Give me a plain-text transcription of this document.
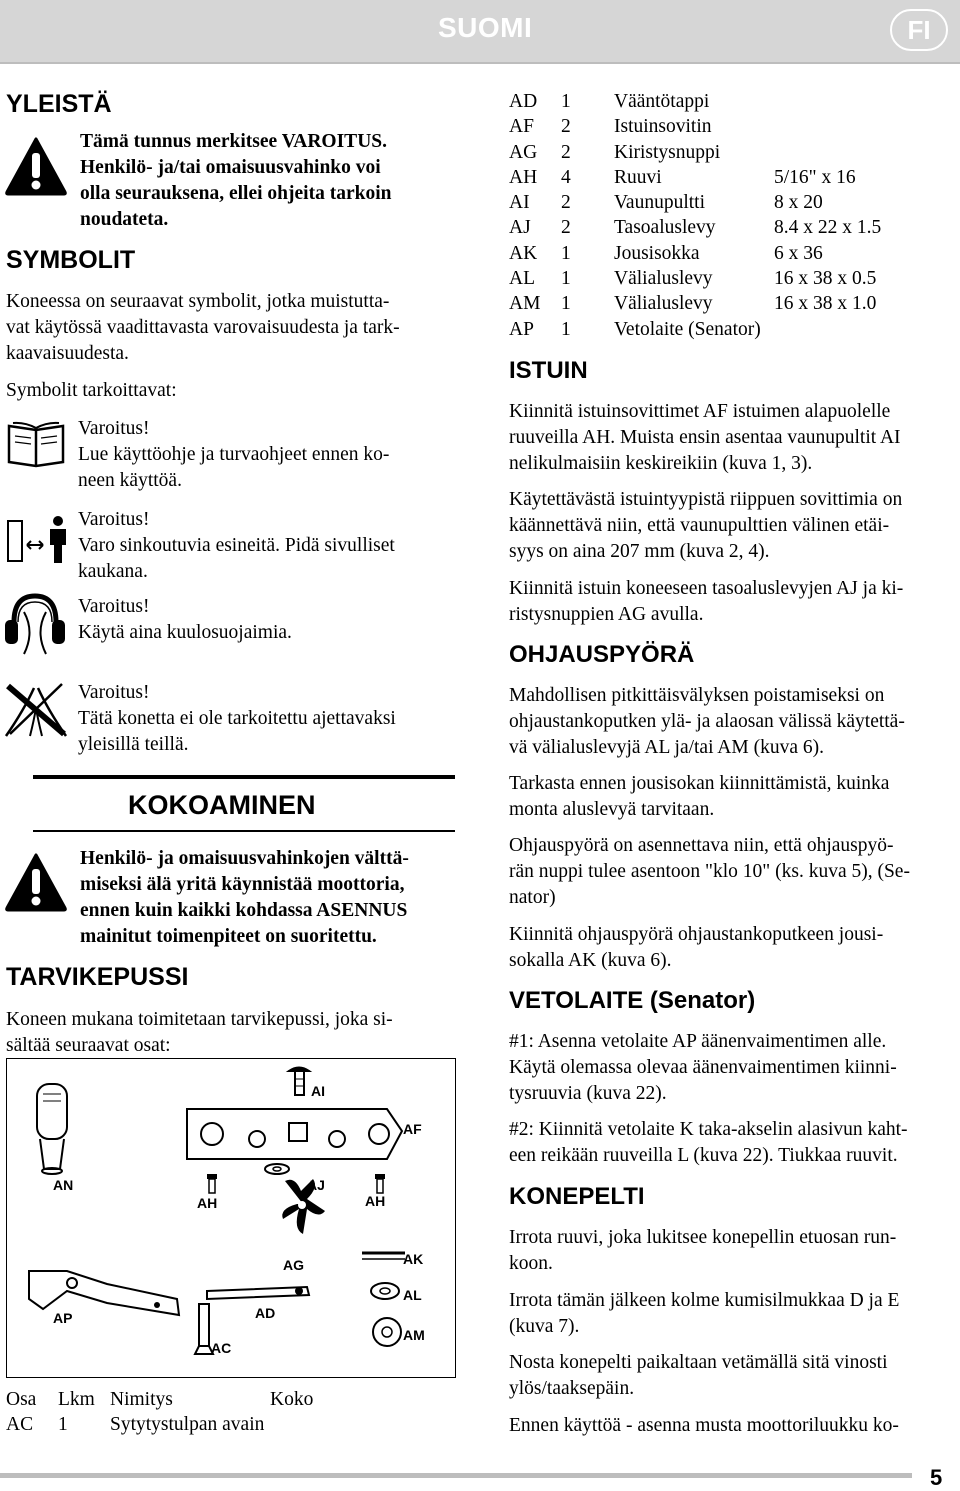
SUOMI	FI
YLEISTÄ

Tämä tunnus merkitsee VAROITUS.

Henkilö- ja/tai omaisuusvahinko voi

olla seurauksena, ellei ohjeita tarkoin

noudateta.

SYMBOLIT

Koneessa on seuraavat symbolit, jotka muistutta-

vat käytössä vaadittavasta varovaisuudesta ja tark-

kaavaisuudesta.

Symbolit tarkoittavat:

Varoitus!

Lue käyttöohje ja turvaohjeet ennen ko-

neen käyttöä.

Varoitus!

Varo sinkoutuvia esineitä. Pidä sivulliset

kaukana.

Varoitus!

Käytä aina kuulosuojaimia.

Varoitus!

Tätä konetta ei ole tarkoitettu ajettavaksi

yleisillä teillä.

KOKOAMINEN

Henkilö- ja omaisuusvahinkojen välttä-

miseksi älä yritä käynnistää moottoria,

ennen kuin kaikki kohdassa ASENNUS

mainitut toimenpiteet on suoritettu.

TARVIKEPUSSI

Koneen mukana toimitetaan tarvikepussi, joka si-

sältää seuraavat osat:

AN
AI
AF
AH
AJ
AH
AG
AP	AD
AK
AL
AM
AC
Osa Lkm Nimitys	Koko
AC 1 Sytytystulpan avain
AD 1 Vääntötappi
AF 2 Istuinsovitin
AG 2 Kiristysnuppi
AH 4 Ruuvi	5/16" x 16
AI 2 Vaunupultti	8 x 20
AJ 2 Tasoaluslevy	8.4 x 22 x 1.5
AK 1 Jousisokka	6 x 36
AL 1 Välialuslevy	16 x 38 x 0.5
AM 1 Välialuslevy	16 x 38 x 1.0
AP 1 Vetolaite (Senator)
ISTUIN

Kiinnitä istuinsovittimet AF istuimen alapuolelle

ruuveilla AH. Muista ensin asentaa vaunupultit AI

nelikulmaisiin keskireikiin (kuva 1, 3).

Käytettävästä istuintyypistä riippuen sovittimia on

käännettävä niin, että vaunupulttien välinen etäi-

syys on aina 207 mm (kuva 2, 4).

Kiinnitä istuin koneeseen tasoaluslevyjen AJ ja ki-

ristysnuppien AG avulla.

OHJAUSPYÖRÄ

Mahdollisen pitkittäisvälyksen poistamiseksi on

ohjaustankoputken ylä- ja alaosan välissä käytettä-

vä välialuslevyjä AL ja/tai AM (kuva 6).

Tarkasta ennen jousisokan kiinnittämistä, kuinka

monta aluslevyä tarvitaan.

Ohjauspyörä on asennettava niin, että ohjauspyö-

rän nuppi tulee asentoon "klo 10" (ks. kuva 5), (Se-

nator)

Kiinnitä ohjauspyörä ohjaustankoputkeen jousi-

sokalla AK (kuva 6).

VETOLAITE (Senator)

#1: Asenna vetolaite AP äänenvaimentimen alle.

Käytä olemassa olevaa äänenvaimentimen kiinni-

tysruuvia (kuva 22).

#2: Kiinnitä vetolaite K taka-akselin alasivun kaht-

een reikään ruuveilla L (kuva 22). Tiukkaa ruuvit.

KONEPELTI

Irrota ruuvi, joka lukitsee konepellin etuosan run-

koon.

Irrota tämän jälkeen kolme kumisilmukkaa D ja E

(kuva 7).

Nosta konepelti paikaltaan vetämällä sitä vinosti

ylös/taaksepäin.

Ennen käyttöä - asenna musta moottoriluukku ko-

5
